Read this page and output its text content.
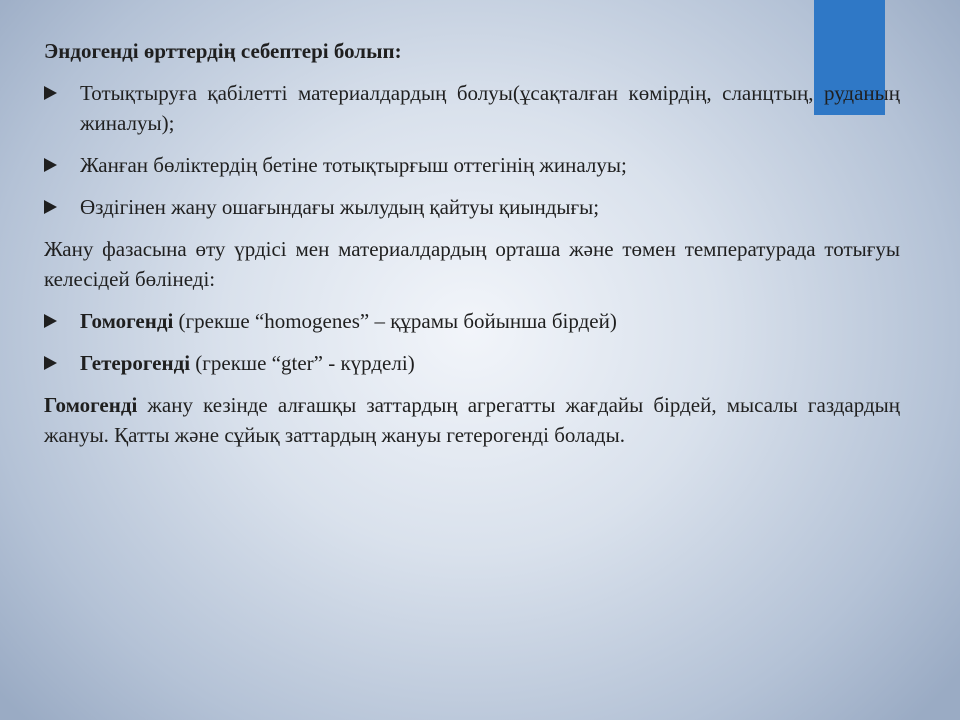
Эндогенді өрттердің себептері болып:

Тотықтыруға қабілетті материалдардың болуы(ұсақталған көмірдің, сланцтың, руданың жиналуы);

Жанған бөліктердің бетіне тотықтырғыш оттегінің жиналуы;

Өздігінен жану ошағындағы жылудың қайтуы қиындығы;

Жану фазасына өту үрдісі мен материалдардың орташа және төмен температурада тотығуы келесідей бөлінеді:

Гомогенді (грекше “homogenes” – құрамы бойынша бірдей)

Гетерогенді (грекше “gter” - күрделі)

Гомогенді жану кезінде алғашқы заттардың агрегатты жағдайы бірдей, мысалы газдардың жануы. Қатты және сұйық заттардың жануы гетерогенді болады.
